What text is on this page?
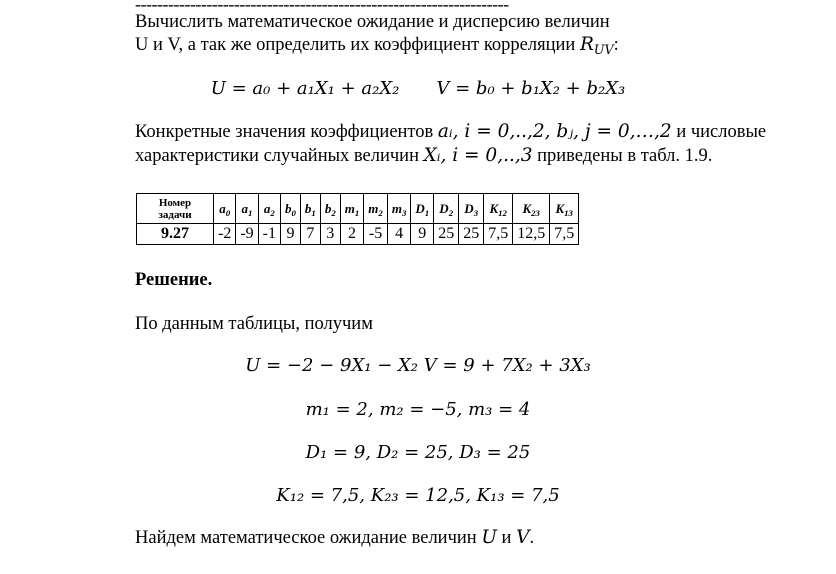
--------------------------------------------------------------------
Вычислить математическое ожидание и дисперсию величин
U и V, а так же определить их коэффициент корреляции $R_{UV}$:
U = a₀ + a₁X₁ + a₂X₂ V = b₀ + b₁X₂ + b₂X₃
Конкретные значения коэффициентов aᵢ, i = 0,..,2, bⱼ, j = 0,…,2 и числовые
характеристики случайных величин Xᵢ, i = 0,..,3 приведены в табл. 1.9.
Номер задачи	$a_0$	$a_1$	$a_2$	$b_0$	$b_1$	$b_2$	$m_1$	$m_2$	$m_3$	$D_1$	$D_2$	$D_3$	$K_{12}$	$K_{23}$	$K_{13}$
9.27	-2	-9	-1	9	7	3	2	-5	4	9	25	25	7,5	12,5	7,5
Решение.
По данным таблицы, получим
U = −2 − 9X₁ − X₂ V = 9 + 7X₂ + 3X₃
m₁ = 2, m₂ = −5, m₃ = 4
D₁ = 9, D₂ = 25, D₃ = 25
K₁₂ = 7,5, K₂₃ = 12,5, K₁₃ = 7,5
Найдем математическое ожидание величин U и V.
